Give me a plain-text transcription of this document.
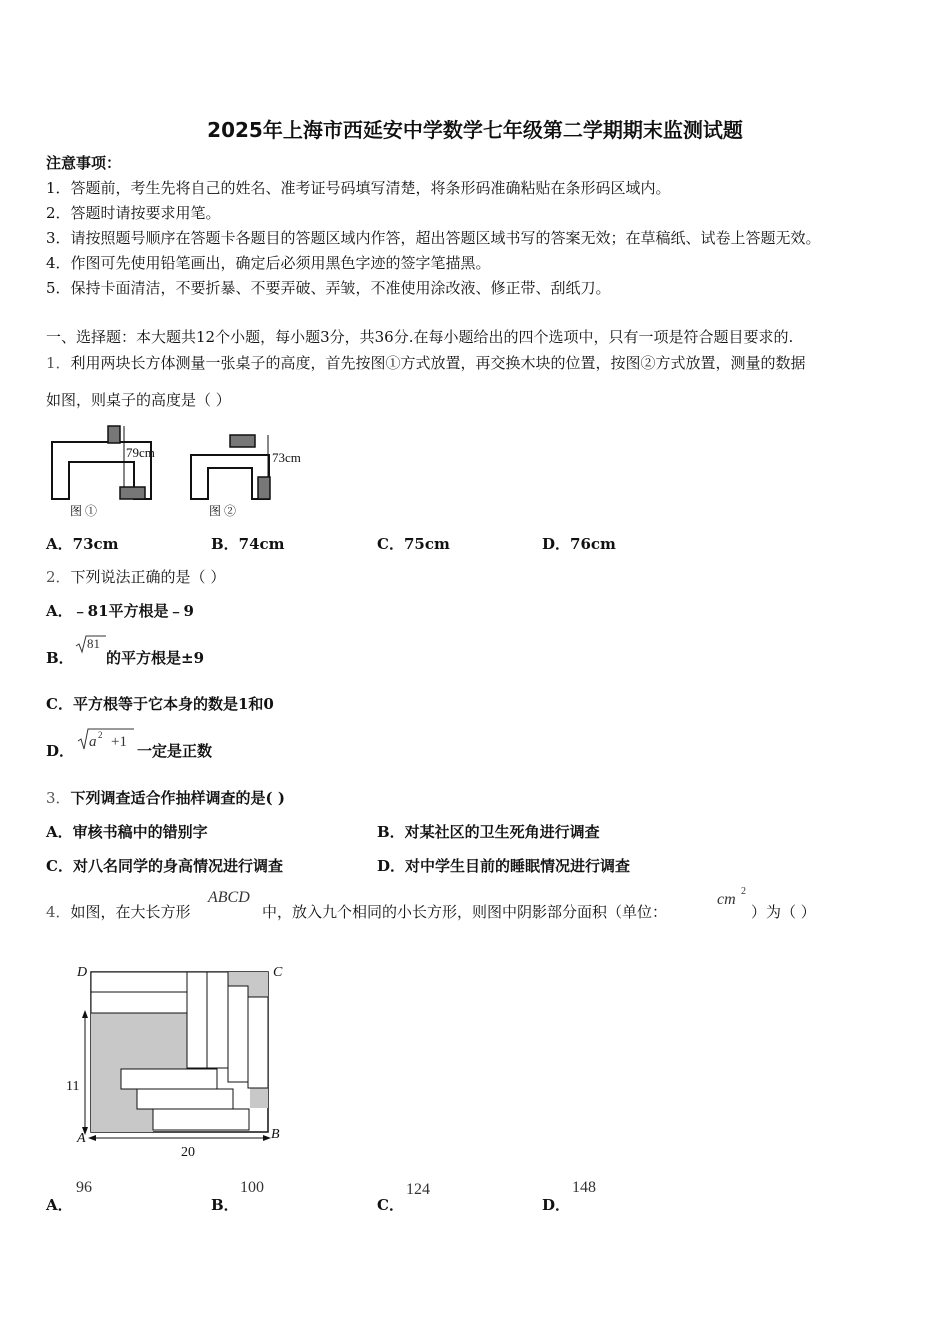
2025年上海市西延安中学数学七年级第二学期期末监测试题
注意事项：
1．答题前，考生先将自己的姓名、准考证号码填写清楚，将条形码准确粘贴在条形码区域内。
2．答题时请按要求用笔。
3．请按照题号顺序在答题卡各题目的答题区域内作答，超出答题区域书写的答案无效；在草稿纸、试卷上答题无效。
4．作图可先使用铅笔画出，确定后必须用黑色字迹的签字笔描黑。
5．保持卡面清洁，不要折暴、不要弄破、弄皱，不准使用涂改液、修正带、刮纸刀。
一、选择题：本大题共12个小题，每小题3分，共36分.在每小题给出的四个选项中，只有一项是符合题目要求的.
1．利用两块长方体测量一张桌子的高度，首先按图①方式放置，再交换木块的位置，按图②方式放置，测量的数据
如图，则桌子的高度是（ ）
79cm
图 ①
73cm
图 ②
A．73cm	B．74cm	C．75cm	D．76cm
2．下列说法正确的是（ ）
A．﹣81平方根是﹣9
B．
81
的平方根是±9
C．平方根等于它本身的数是1和0
D． a 2 +1 一定是正数
3．下列调查适合作抽样调查的是( )
A．审核书稿中的错别字	B．对某社区的卫生死角进行调查
C．对八名同学的身高情况进行调查	D．对中学生目前的睡眠情况进行调查
4．如图，在大长方形
ABCD
中，放入九个相同的小长方形，则图中阴影部分面积（单位：
cm 2
）为（ ）
11
20
D	C
A	B
A．
96
B．
100
C．
124
D．
148
